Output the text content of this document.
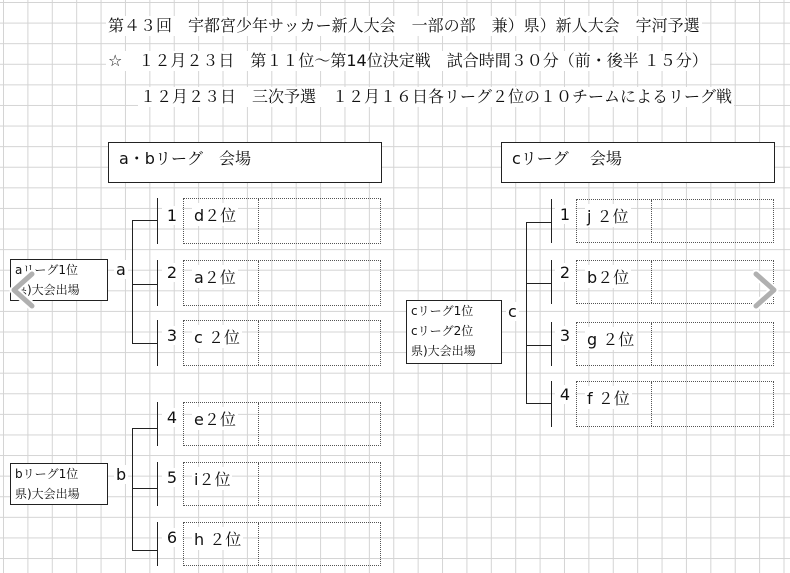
第４３回　宇都宮少年サッカー新人大会　一部の部　兼）県）新人大会　宇河予選
☆　１２月２３日　第１１位～第14位決定戦　試合時間３０分（前・後半 １５分）
１２月２３日　三次予選　１２月１６日各リーグ２位の１０チームによるリーグ戦
a・bリーグ　会場	cリーグ　 会場
aリーグ1位
県)大会出場
a
1	d２位
2	a２位
3	c ２位
bリーグ1位
県)大会出場
b
4	e２位
5	i２位
6	h ２位
cリーグ1位
cリーグ2位
県)大会出場
c
1	j ２位
2	b２位
3	g ２位
4	f ２位
